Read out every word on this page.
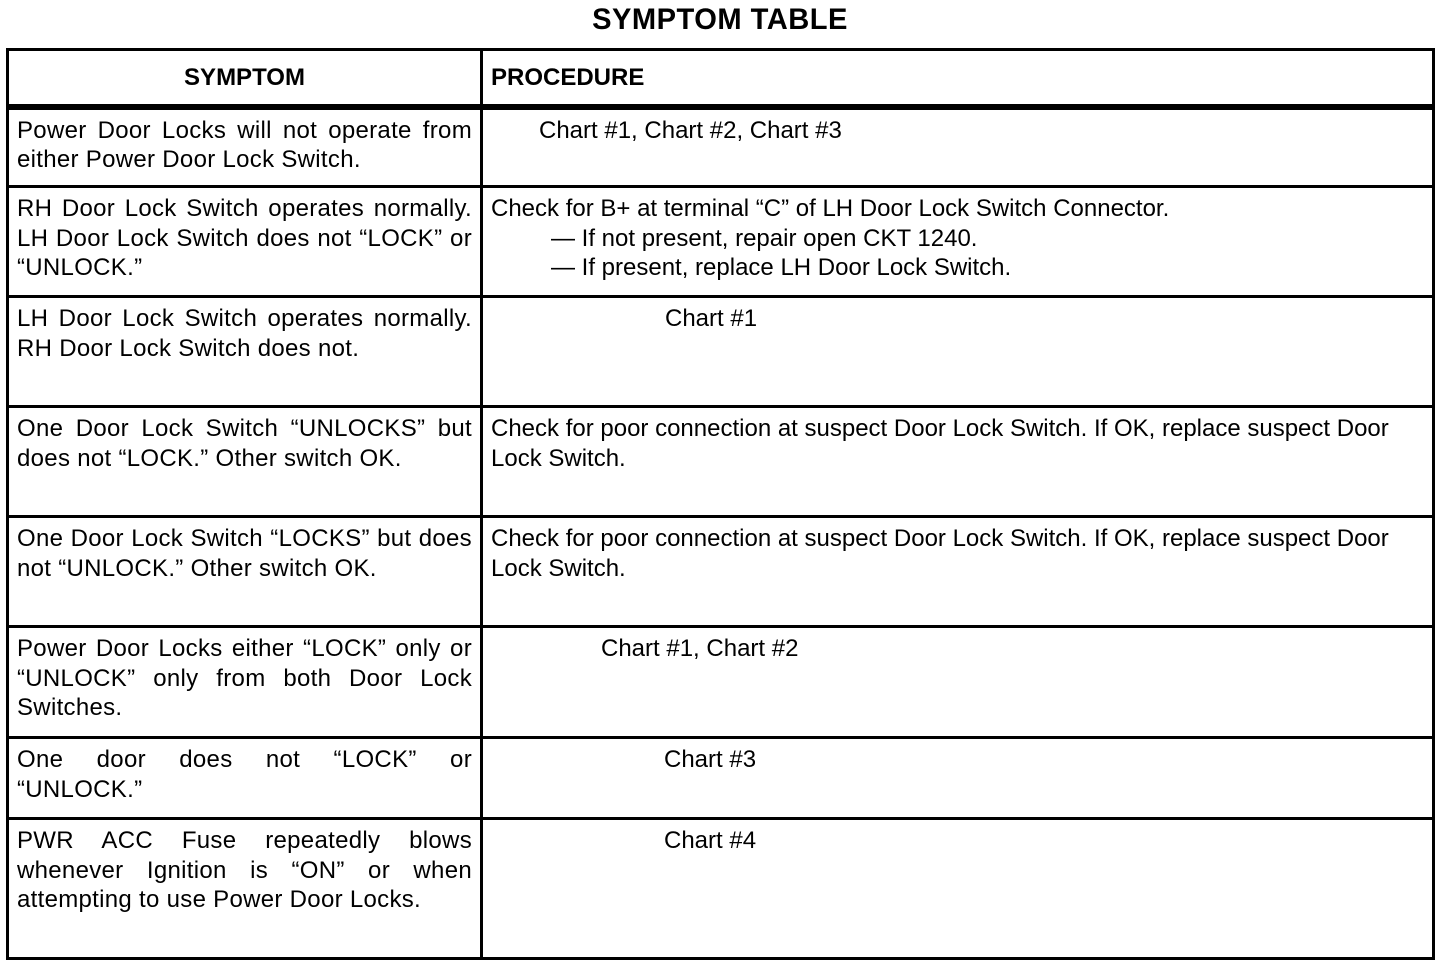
SYMPTOM TABLE
SYMPTOM	PROCEDURE
Power Door Locks will not operate from either Power Door Lock Switch.	Chart #1, Chart #2, Chart #3

RH Door Lock Switch operates normally. LH Door Lock Switch does not “LOCK” or “UNLOCK.”	Check for B+ at terminal “C” of LH Door Lock Switch Connector.
— If not present, repair open CKT 1240.
— If present, replace LH Door Lock Switch.

LH Door Lock Switch operates normally. RH Door Lock Switch does not.	Chart #1

One Door Lock Switch “UNLOCKS” but does not “LOCK.” Other switch OK.	Check for poor connection at suspect Door Lock Switch. If OK, replace suspect Door Lock Switch.
One Door Lock Switch “LOCKS” but does not “UNLOCK.” Other switch OK.	Check for poor connection at suspect Door Lock Switch. If OK, replace suspect Door Lock Switch.
Power Door Locks either “LOCK” only or “UNLOCK” only from both Door Lock Switches.	Chart #1, Chart #2

One door does not “LOCK” or “UNLOCK.”	Chart #3

PWR ACC Fuse repeatedly blows whenever Ignition is “ON” or when attempting to use Power Door Locks.	Chart #4
